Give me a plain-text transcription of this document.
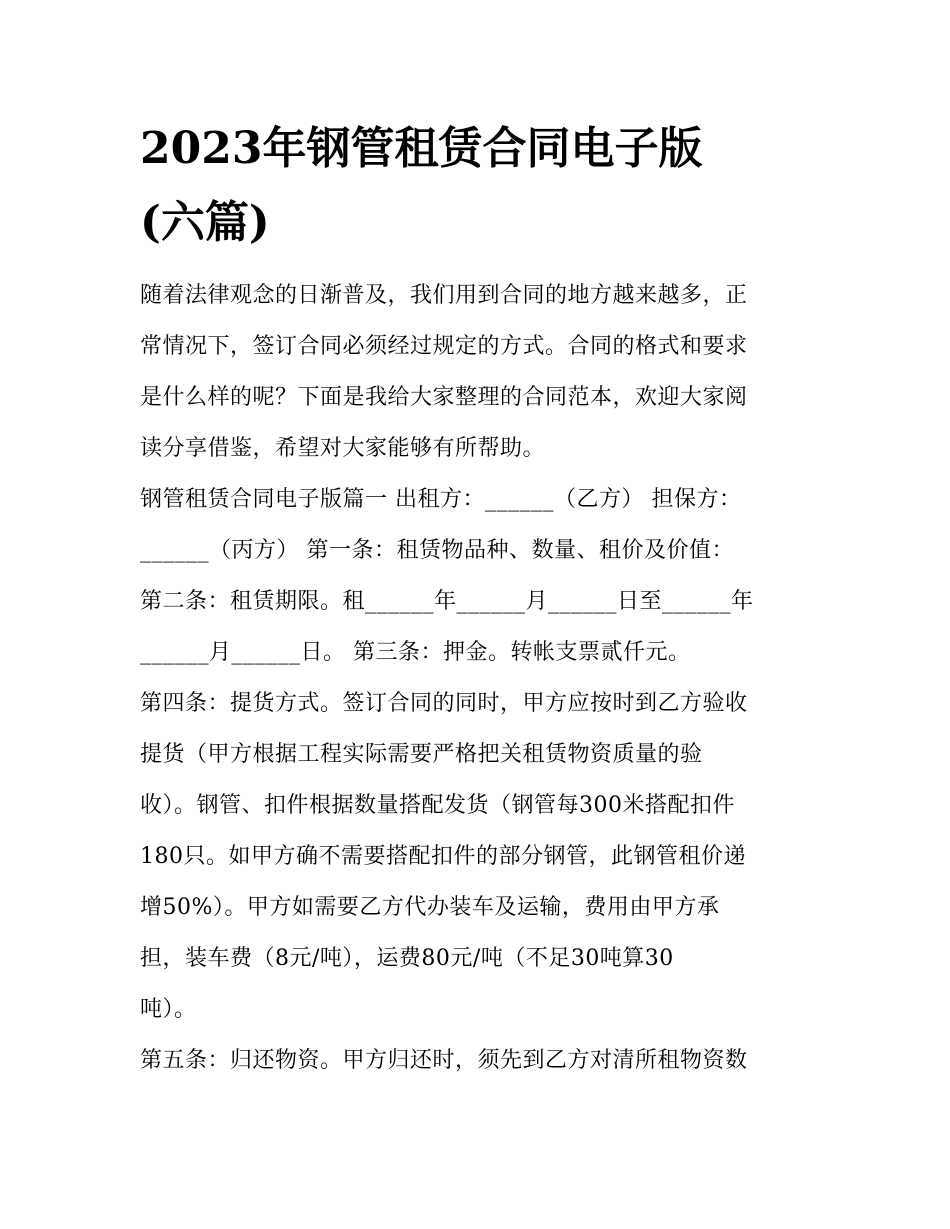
2023年钢管租赁合同电子版
(六篇)

随着法律观念的日渐普及，我们用到合同的地方越来越多，正
常情况下，签订合同必须经过规定的方式。合同的格式和要求
是什么样的呢？下面是我给大家整理的合同范本，欢迎大家阅
读分享借鉴，希望对大家能够有所帮助。

钢管租赁合同电子版篇一 出租方：______（乙方） 担保方：
______（丙方） 第一条：租赁物品种、数量、租价及价值：
第二条：租赁期限。租______年______月______日至______年
______月______日。 第三条：押金。转帐支票贰仟元。

第四条：提货方式。签订合同的同时，甲方应按时到乙方验收
提货（甲方根据工程实际需要严格把关租赁物资质量的验
收）。钢管、扣件根据数量搭配发货（钢管每300米搭配扣件
180只。如甲方确不需要搭配扣件的部分钢管，此钢管租价递
增50%）。甲方如需要乙方代办装车及运输，费用由甲方承
担，装车费（8元/吨），运费80元/吨（不足30吨算30
吨）。

第五条：归还物资。甲方归还时，须先到乙方对清所租物资数
